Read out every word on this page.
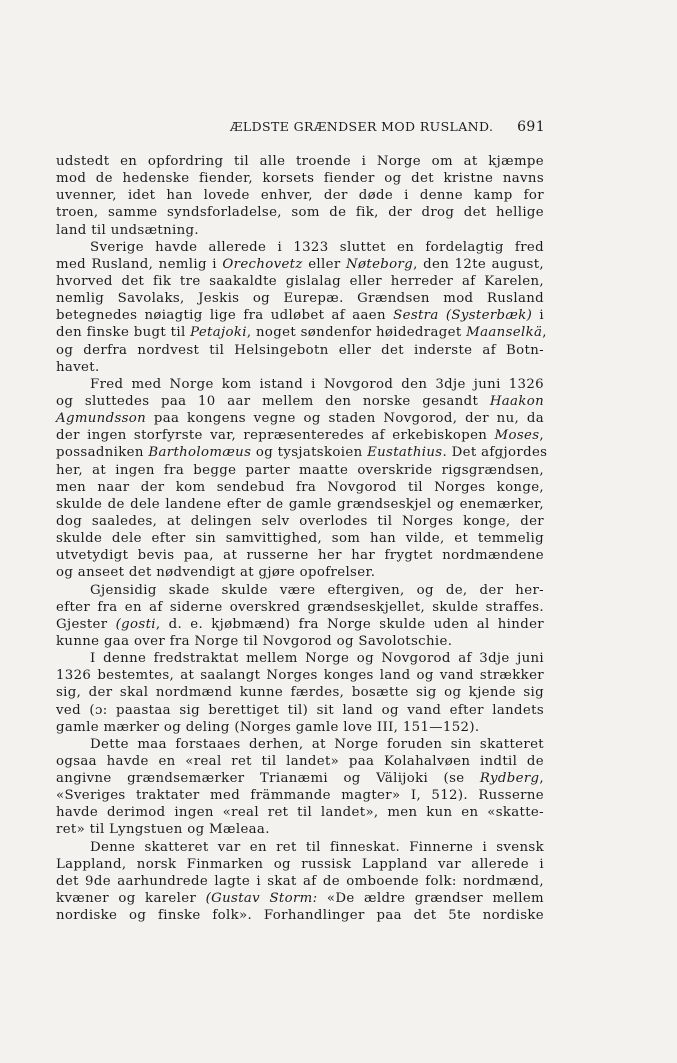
ÆLDSTE GRÆNDSER MOD RUSLAND. 691
udstedt en opfordring til alle troende i Norge om at kjæmpe
mod de hedenske fiender, korsets fiender og det kristne navns
uvenner, idet han lovede enhver, der døde i denne kamp for
troen, samme syndsforladelse, som de fik, der drog det hellige
land til undsætning.
Sverige havde allerede i 1323 sluttet en fordelagtig fred
med Rusland, nemlig i Orechovetz eller Nøteborg, den 12te august,
hvorved det fik tre saakaldte gislalag eller herreder af Karelen,
nemlig Savolaks, Jeskis og Eurepæ. Grændsen mod Rusland
betegnedes nøiagtig lige fra udløbet af aaen Sestra (Systerbæk) i
den finske bugt til Petajoki, noget søndenfor høidedraget Maanselkä,
og derfra nordvest til Helsingebotn eller det inderste af Botn-
havet.
Fred med Norge kom istand i Novgorod den 3dje juni 1326
og sluttedes paa 10 aar mellem den norske gesandt Haakon
Agmundsson paa kongens vegne og staden Novgorod, der nu, da
der ingen storfyrste var, repræsenteredes af erkebiskopen Moses,
possadniken Bartholomæus og tysjatskoien Eustathius. Det afgjordes
her, at ingen fra begge parter maatte overskride rigsgrændsen,
men naar der kom sendebud fra Novgorod til Norges konge,
skulde de dele landene efter de gamle grændseskjel og enemærker,
dog saaledes, at delingen selv overlodes til Norges konge, der
skulde dele efter sin samvittighed, som han vilde, et temmelig
utvetydigt bevis paa, at russerne her har frygtet nordmændene
og anseet det nødvendigt at gjøre opofrelser.
Gjensidig skade skulde være eftergiven, og de, der her-
efter fra en af siderne overskred grændseskjellet, skulde straffes.
Gjester (gosti, d. e. kjøbmænd) fra Norge skulde uden al hinder
kunne gaa over fra Norge til Novgorod og Savolotschie.
I denne fredstraktat mellem Norge og Novgorod af 3dje juni
1326 bestemtes, at saalangt Norges konges land og vand strækker
sig, der skal nordmænd kunne færdes, bosætte sig og kjende sig
ved (ɔ: paastaa sig berettiget til) sit land og vand efter landets
gamle mærker og deling (Norges gamle love III, 151—152).
Dette maa forstaaes derhen, at Norge foruden sin skatteret
ogsaa havde en «real ret til landet» paa Kolahalvøen indtil de
angivne grændsemærker Trianæmi og Välijoki (se Rydberg,
«Sveriges traktater med främmande magter» I, 512). Russerne
havde derimod ingen «real ret til landet», men kun en «skatte-
ret» til Lyngstuen og Mæleaa.
Denne skatteret var en ret til finneskat. Finnerne i svensk
Lappland, norsk Finmarken og russisk Lappland var allerede i
det 9de aarhundrede lagte i skat af de omboende folk: nordmænd,
kvæner og kareler (Gustav Storm: «De ældre grændser mellem
nordiske og finske folk». Forhandlinger paa det 5te nordiske
